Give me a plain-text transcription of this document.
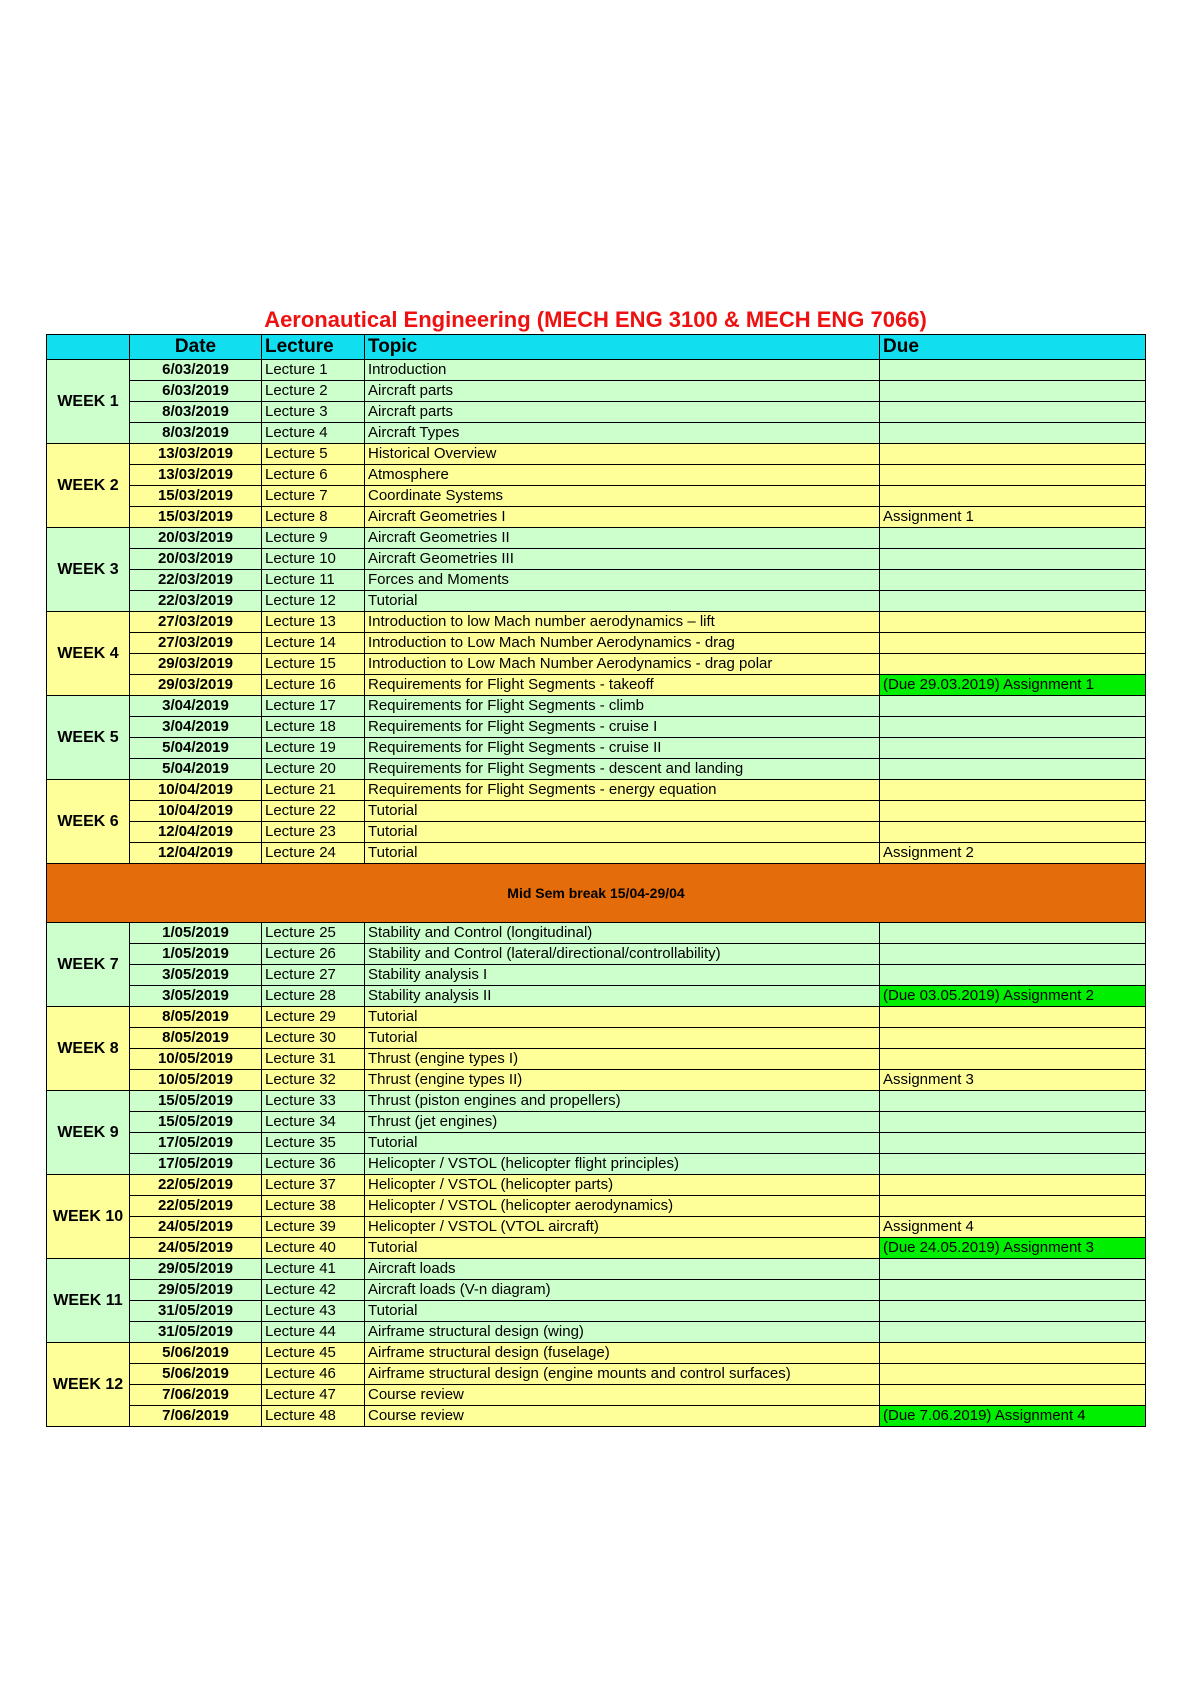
Aeronautical Engineering (MECH ENG 3100 & MECH ENG 7066)
	Date	Lecture	Topic	Due
WEEK 1	6/03/2019	Lecture 1	Introduction	
	6/03/2019	Lecture 2	Aircraft parts	
	8/03/2019	Lecture 3	Aircraft parts	
	8/03/2019	Lecture 4	Aircraft Types	
WEEK 2	13/03/2019	Lecture 5	Historical Overview	
	13/03/2019	Lecture 6	Atmosphere	
	15/03/2019	Lecture 7	Coordinate Systems	
	15/03/2019	Lecture 8	Aircraft Geometries I	Assignment 1
WEEK 3	20/03/2019	Lecture 9	Aircraft Geometries II	
	20/03/2019	Lecture 10	Aircraft Geometries III	
	22/03/2019	Lecture 11	Forces and Moments	
	22/03/2019	Lecture 12	Tutorial	
WEEK 4	27/03/2019	Lecture 13	Introduction to low Mach number aerodynamics – lift	
	27/03/2019	Lecture 14	Introduction to Low Mach Number Aerodynamics - drag	
	29/03/2019	Lecture 15	Introduction to Low Mach Number Aerodynamics - drag polar	
	29/03/2019	Lecture 16	Requirements for Flight Segments - takeoff	(Due 29.03.2019) Assignment 1
WEEK 5	3/04/2019	Lecture 17	Requirements for Flight Segments - climb	
	3/04/2019	Lecture 18	Requirements for Flight Segments - cruise I	
	5/04/2019	Lecture 19	Requirements for Flight Segments - cruise II	
	5/04/2019	Lecture 20	Requirements for Flight Segments - descent and landing	
WEEK 6	10/04/2019	Lecture 21	Requirements for Flight Segments - energy equation	
	10/04/2019	Lecture 22	Tutorial	
	12/04/2019	Lecture 23	Tutorial	
	12/04/2019	Lecture 24	Tutorial	Assignment 2
Mid Sem break 15/04-29/04				
WEEK 7	1/05/2019	Lecture 25	Stability and Control (longitudinal)	
	1/05/2019	Lecture 26	Stability and Control (lateral/directional/controllability)	
	3/05/2019	Lecture 27	Stability analysis I	
	3/05/2019	Lecture 28	Stability analysis II	(Due 03.05.2019) Assignment 2
WEEK 8	8/05/2019	Lecture 29	Tutorial	
	8/05/2019	Lecture 30	Tutorial	
	10/05/2019	Lecture 31	Thrust (engine types I)	
	10/05/2019	Lecture 32	Thrust (engine types II)	Assignment 3
WEEK 9	15/05/2019	Lecture 33	Thrust (piston engines and propellers)	
	15/05/2019	Lecture 34	Thrust (jet engines)	
	17/05/2019	Lecture 35	Tutorial	
	17/05/2019	Lecture 36	Helicopter / VSTOL (helicopter flight principles)	
WEEK 10	22/05/2019	Lecture 37	Helicopter / VSTOL (helicopter parts)	
	22/05/2019	Lecture 38	Helicopter / VSTOL (helicopter aerodynamics)	
	24/05/2019	Lecture 39	Helicopter / VSTOL (VTOL aircraft)	Assignment 4
	24/05/2019	Lecture 40	Tutorial	(Due 24.05.2019) Assignment 3
WEEK 11	29/05/2019	Lecture 41	Aircraft loads	
	29/05/2019	Lecture 42	Aircraft loads (V-n diagram)	
	31/05/2019	Lecture 43	Tutorial	
	31/05/2019	Lecture 44	Airframe structural design (wing)	
WEEK 12	5/06/2019	Lecture 45	Airframe structural design (fuselage)	
	5/06/2019	Lecture 46	Airframe structural design (engine mounts and control surfaces)	
	7/06/2019	Lecture 47	Course review	
	7/06/2019	Lecture 48	Course review	(Due 7.06.2019) Assignment 4
